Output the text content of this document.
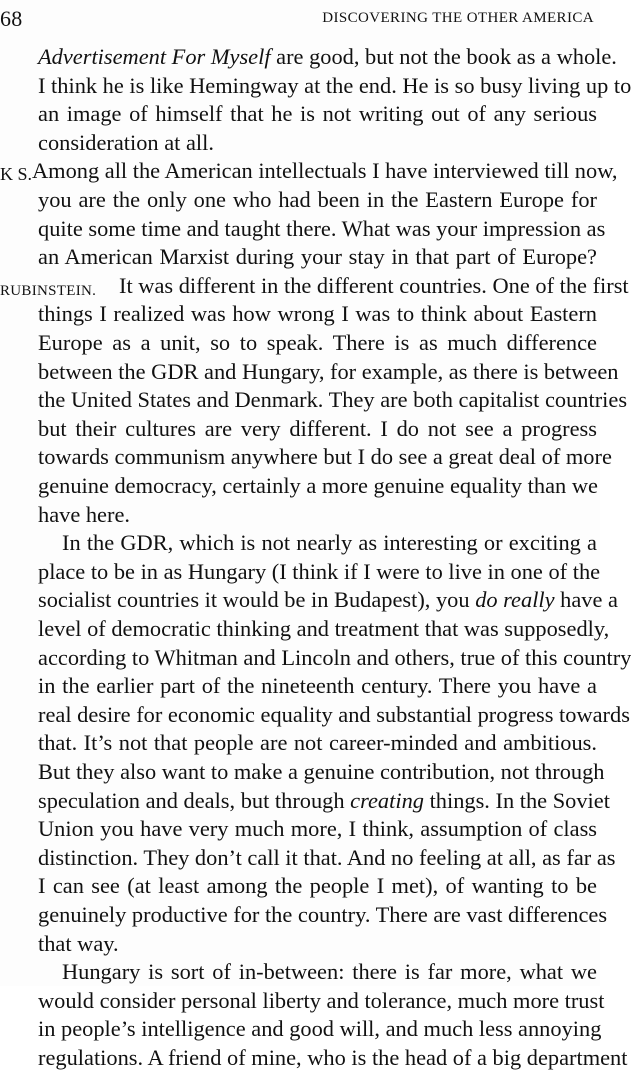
68	DISCOVERING THE OTHER AMERICA
Advertisement For Myself are good, but not the book as a whole.
I think he is like Hemingway at the end. He is so busy living up to
an image of himself that he is not writing out of any serious
consideration at all.
K S. Among all the American intellectuals I have interviewed till now,
you are the only one who had been in the Eastern Europe for
quite some time and taught there. What was your impression as
an American Marxist during your stay in that part of Europe?
RUBINSTEIN. It was different in the different countries. One of the first
things I realized was how wrong I was to think about Eastern
Europe as a unit, so to speak. There is as much difference
between the GDR and Hungary, for example, as there is between
the United States and Denmark. They are both capitalist countries
but their cultures are very different. I do not see a progress
towards communism anywhere but I do see a great deal of more
genuine democracy, certainly a more genuine equality than we
have here.
In the GDR, which is not nearly as interesting or exciting a
place to be in as Hungary (I think if I were to live in one of the
socialist countries it would be in Budapest), you do really have a
level of democratic thinking and treatment that was supposedly,
according to Whitman and Lincoln and others, true of this country
in the earlier part of the nineteenth century. There you have a
real desire for economic equality and substantial progress towards
that. It’s not that people are not career-minded and ambitious.
But they also want to make a genuine contribution, not through
speculation and deals, but through creating things. In the Soviet
Union you have very much more, I think, assumption of class
distinction. They don’t call it that. And no feeling at all, as far as
I can see (at least among the peoplе I met), of wanting to be
genuinely productive for the country. There are vast differences
that way.
Hungary is sort of in-between: there is far more, what we
would consider personal liberty and tolerance, much more trust
in people’s intelligence and good will, and much less annoying
regulations. A friend of mine, who is the head of a big department
